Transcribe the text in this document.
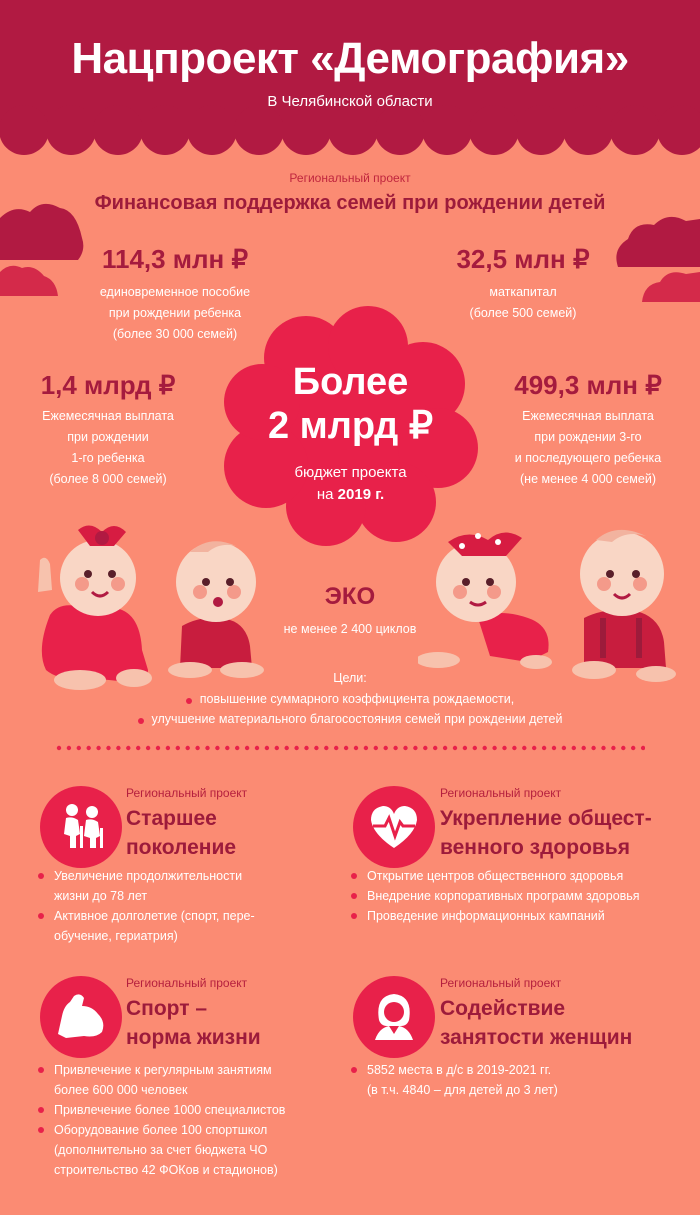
Нацпроект «Демография»
В Челябинской области
Региональный проект
Финансовая поддержка семей при рождении детей
114,3 млн ₽
единовременное пособие
при рождении ребенка
(более 30 000 семей)
32,5 млн ₽
маткапитал
(более 500 семей)
1,4 млрд ₽
Ежемесячная выплата
при рождении
1-го ребенка
(более 8 000 семей)
499,3 млн ₽
Ежемесячная выплата
при рождении 3-го
и последующего ребенка
(не менее 4 000 семей)
Более
2 млрд ₽
бюджет проекта
на 2019 г.
ЭКО
не менее 2 400 циклов
Цели:
повышение суммарного коэффициента рождаемости,
улучшение материального благосостояния семей при рождении детей
Региональный проект
Старшее
поколение
Увеличение продолжительности
жизни до 78 лет
Активное долголетие (спорт, пере-
обучение, гериатрия)
Региональный проект
Укрепление общест-
венного здоровья
Открытие центров общественного здоровья
Внедрение корпоративных программ здоровья
Проведение информационных кампаний
Региональный проект
Спорт –
норма жизни
Привлечение к регулярным занятиям
более 600 000 человек
Привлечение более 1000 специалистов
Оборудование более 100 спортшкол
(дополнительно за счет бюджета ЧО
строительство 42 ФОКов и стадионов)
Региональный проект
Содействие
занятости женщин
5852 места в д/с в 2019-2021 гг.
(в т.ч. 4840 – для детей до 3 лет)
